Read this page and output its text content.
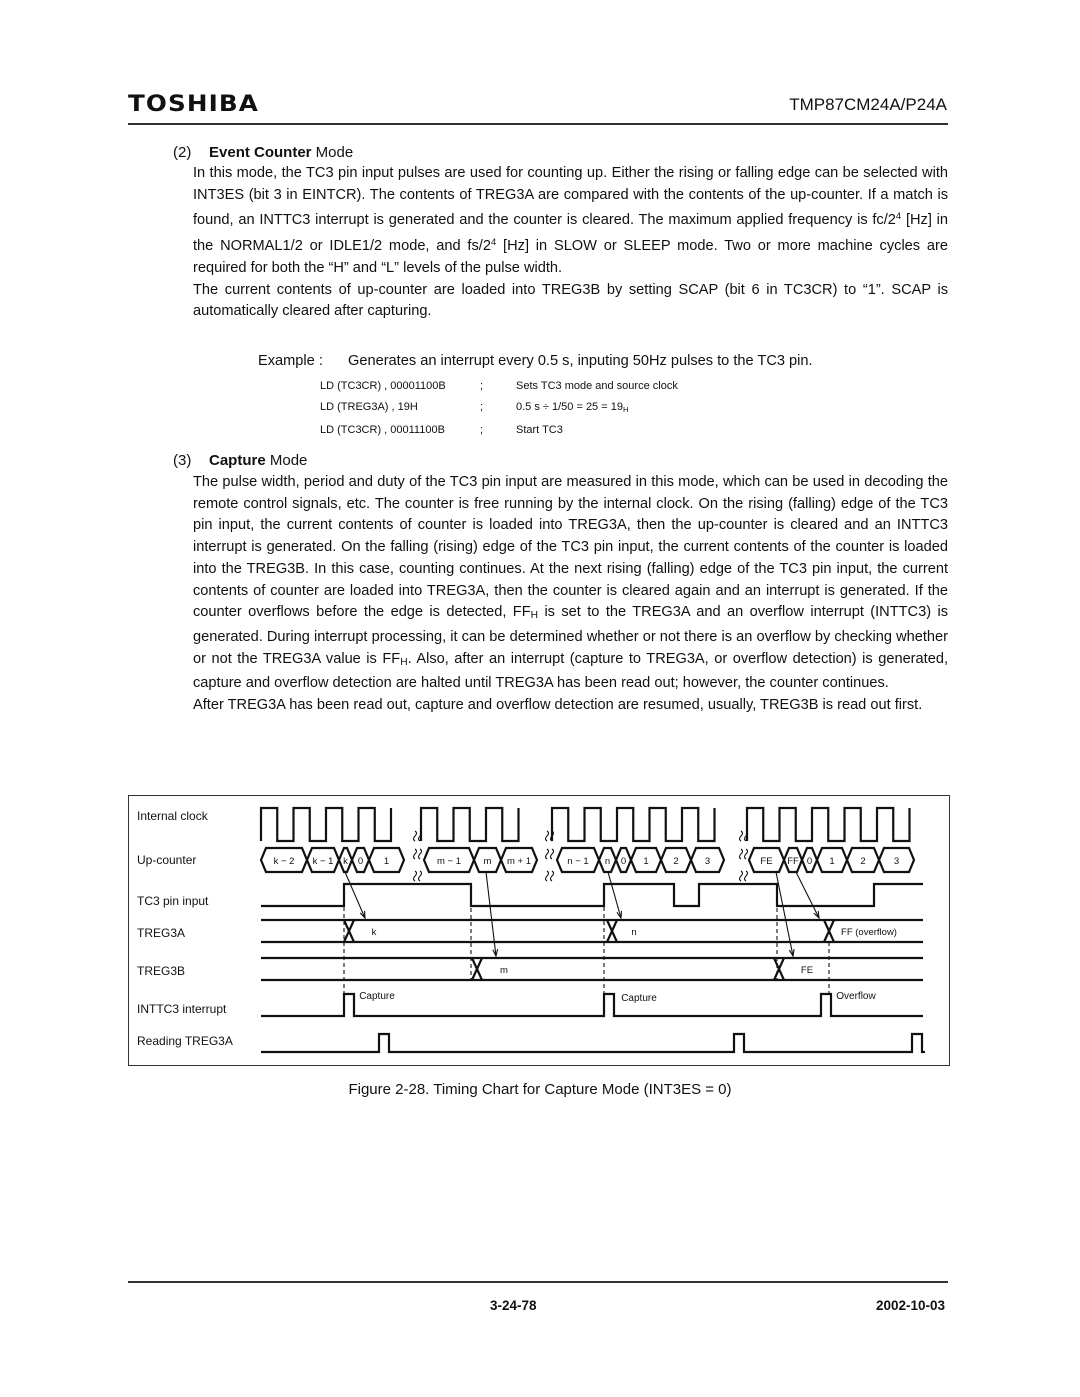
TOSHIBA	TMP87CM24A/P24A
(2) Event Counter Mode

In this mode, the TC3 pin input pulses are used for counting up. Either the rising or falling edge can be selected with INT3ES (bit 3 in EINTCR). The contents of TREG3A are compared with the contents of the up-counter. If a match is found, an INTTC3 interrupt is generated and the counter is cleared. The maximum applied frequency is $fc/2^4$ [Hz] in the NORMAL1/2 or IDLE1/2 mode, and $fs/2^4$ [Hz] in SLOW or SLEEP mode. Two or more machine cycles are required for both the “H” and “L” levels of the pulse width.

The current contents of up-counter are loaded into TREG3B by setting SCAP (bit 6 in TC3CR) to “1”. SCAP is automatically cleared after capturing.

Example : Generates an interrupt every 0.5 s, inputing 50Hz pulses to the TC3 pin.
LD (TC3CR) , 00001100B	;	Sets TC3 mode and source clock
LD (TREG3A) , 19H	;	0.5 $s \div 1/50 = 25 = 19_H$
LD (TC3CR) , 00011100B	;	Start TC3
(3) Capture Mode

The pulse width, period and duty of the TC3 pin input are measured in this mode, which can be used in decoding the remote control signals, etc. The counter is free running by the internal clock. On the rising (falling) edge of the TC3 pin input, the current contents of counter is loaded into TREG3A, then the up-counter is cleared and an INTTC3 interrupt is generated. On the falling (rising) edge of the TC3 pin input, the current contents of the counter is loaded into the TREG3B. In this case, counting continues. At the next rising (falling) edge of the TC3 pin input, the current contents of counter are loaded into TREG3A, then the counter is cleared again and an interrupt is generated. If the counter overflows before the edge is detected, $FF_H$ is set to the TREG3A and an overflow interrupt (INTTC3) is generated. During interrupt processing, it can be determined whether or not there is an overflow by checking whether or not the TREG3A value is $FF_H$. Also, after an interrupt (capture to TREG3A, or overflow detection) is generated, capture and overflow detection are halted until TREG3A has been read out; however, the counter continues.

After TREG3A has been read out, capture and overflow detection are resumed, usually, TREG3B is read out first.

Internal clock
Up-counter
TC3 pin input
TREG3A
TREG3B
INTTC3 interrupt
Reading TREG3A
k − 2 k − 1 k 0 1	m − 1 m m + 1	n − 1 n 0 1	2	3	FE FF 0 1	2	3
k	n	FF (overflow)
m	FE
Capture	Capture	Overflow
Figure 2-28. Timing Chart for Capture Mode (INT3ES = 0)
3-24-78	2002-10-03
